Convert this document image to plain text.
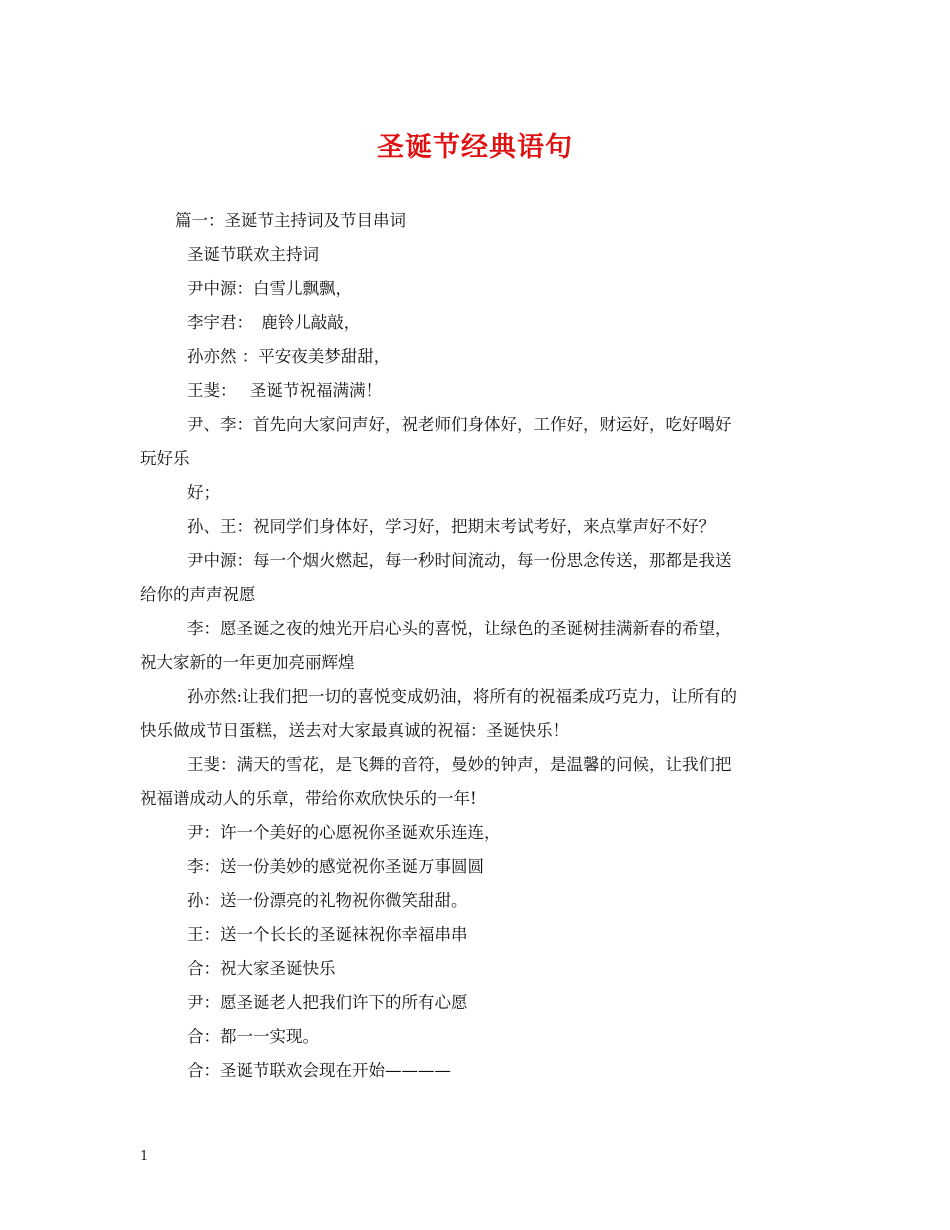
圣诞节经典语句
篇一：圣诞节主持词及节目串词
圣诞节联欢主持词
尹中源：白雪儿飘飘，
李宇君：　鹿铃儿敲敲，
孙亦然 ：平安夜美梦甜甜，
王斐：　 圣诞节祝福满满！
尹、李：首先向大家问声好，祝老师们身体好，工作好，财运好，吃好喝好
玩好乐
好；
孙、王：祝同学们身体好，学习好，把期末考试考好，来点掌声好不好？
尹中源：每一个烟火燃起，每一秒时间流动，每一份思念传送，那都是我送
给你的声声祝愿
李：愿圣诞之夜的烛光开启心头的喜悦，让绿色的圣诞树挂满新春的希望，
祝大家新的一年更加亮丽辉煌
孙亦然:让我们把一切的喜悦变成奶油，将所有的祝福柔成巧克力，让所有的
快乐做成节日蛋糕，送去对大家最真诚的祝福：圣诞快乐！
王斐：满天的雪花，是飞舞的音符，曼妙的钟声，是温馨的问候，让我们把
祝福谱成动人的乐章，带给你欢欣快乐的一年!
尹：许一个美好的心愿祝你圣诞欢乐连连，
李：送一份美妙的感觉祝你圣诞万事圆圆
孙：送一份漂亮的礼物祝你微笑甜甜。
王：送一个长长的圣诞袜祝你幸福串串
合：祝大家圣诞快乐
尹：愿圣诞老人把我们许下的所有心愿
合：都一一实现。
合：圣诞节联欢会现在开始————
1
